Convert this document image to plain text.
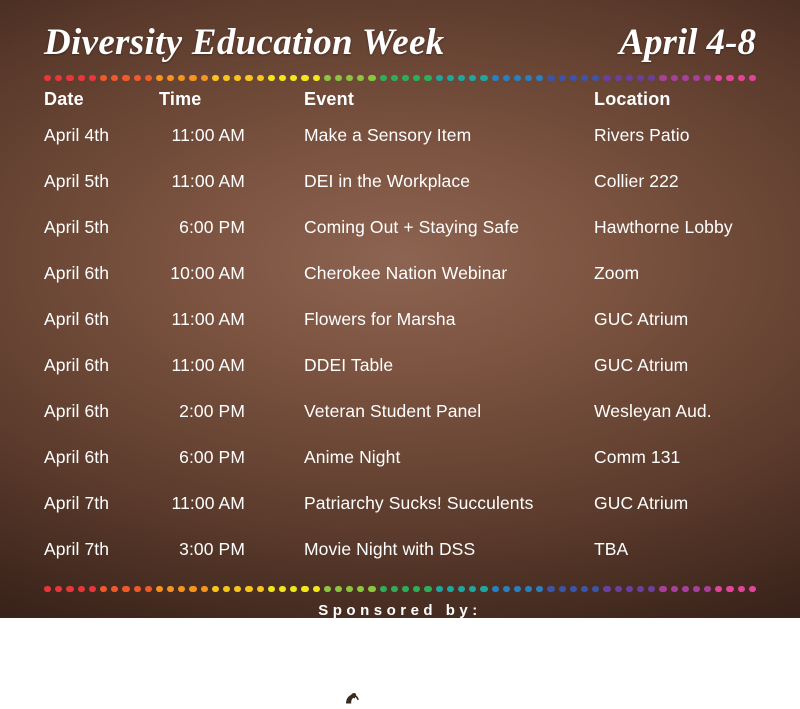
Diversity Education Week	April 4-8
Date	Time	Event	Location
April 4th	11:00 AM	Make a Sensory Item	Rivers Patio
April 5th	11:00 AM	DEI in the Workplace	Collier 222
April 5th	6:00 PM	Coming Out + Staying Safe	Hawthorne Lobby
April 6th	10:00 AM	Cherokee Nation Webinar	Zoom
April 6th	11:00 AM	Flowers for Marsha	GUC Atrium
April 6th	11:00 AM	DDEI Table	GUC Atrium
April 6th	2:00 PM	Veteran Student Panel	Wesleyan Aud.
April 6th	6:00 PM	Anime Night	Comm 131
April 7th	11:00 AM	Patriarchy Sucks! Succulents	GUC Atrium
April 7th	3:00 PM	Movie Night with DSS	TBA
Sponsored by:
Center for Women's Studies, Disability Support Services, Mitchell-West Center for
Social Inclusion, Presidential Mentors Academy, and Veteran Affairs.
University of North Alabama Division of Diversity, Equity, and Inclusion
